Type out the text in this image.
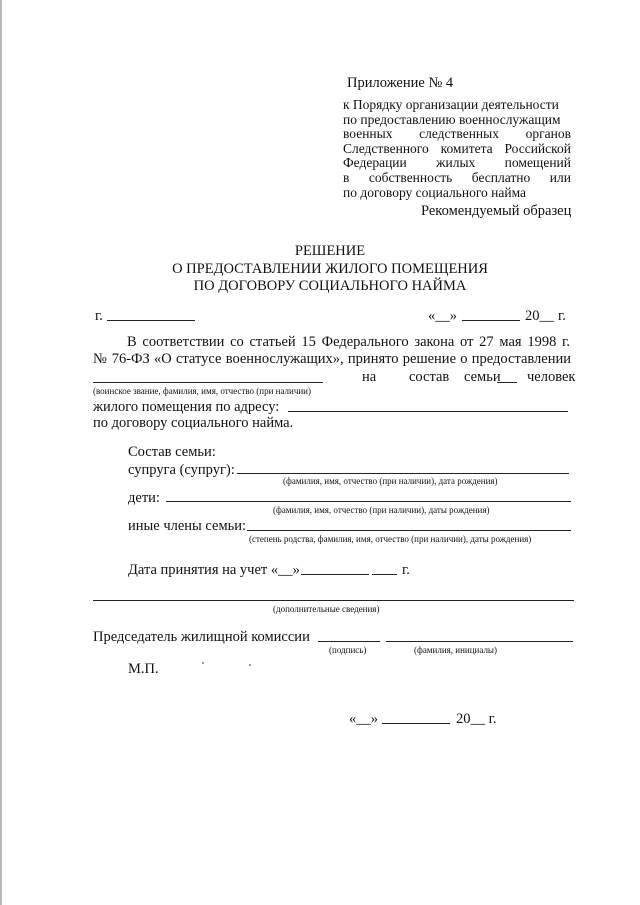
Приложение № 4
к Порядку организации деятельности
по предоставлению военнослужащим
военных следственных органов
Следственного комитета Российской
Федерации жилых помещений
в собственность бесплатно или
по договору социального найма
Рекомендуемый образец
РЕШЕНИЕ
О ПРЕДОСТАВЛЕНИИ ЖИЛОГО ПОМЕЩЕНИЯ
ПО ДОГОВОРУ СОЦИАЛЬНОГО НАЙМА
г.	«__»	20__ г.
В соответствии со статьей 15 Федерального закона от 27 мая 1998 г.
№ 76-ФЗ «О статусе военнослужащих», принято решение о предоставлении
на состав семьи человек
(воинское звание, фамилия, имя, отчество (при наличии)
жилого помещения по адресу:
по договору социального найма.
Состав семьи:
супруга (супруг):
(фамилия, имя, отчество (при наличии), дата рождения)
дети:
(фамилия, имя, отчество (при наличии), даты рождения)
иные члены семьи:
(степень родства, фамилия, имя, отчество (при наличии), даты рождения)
Дата принятия на учет «__»	г.
(дополнительные сведения)
Председатель жилищной комиссии
(подпись)	(фамилия, инициалы)
М.П.
«__»	20__ г.
